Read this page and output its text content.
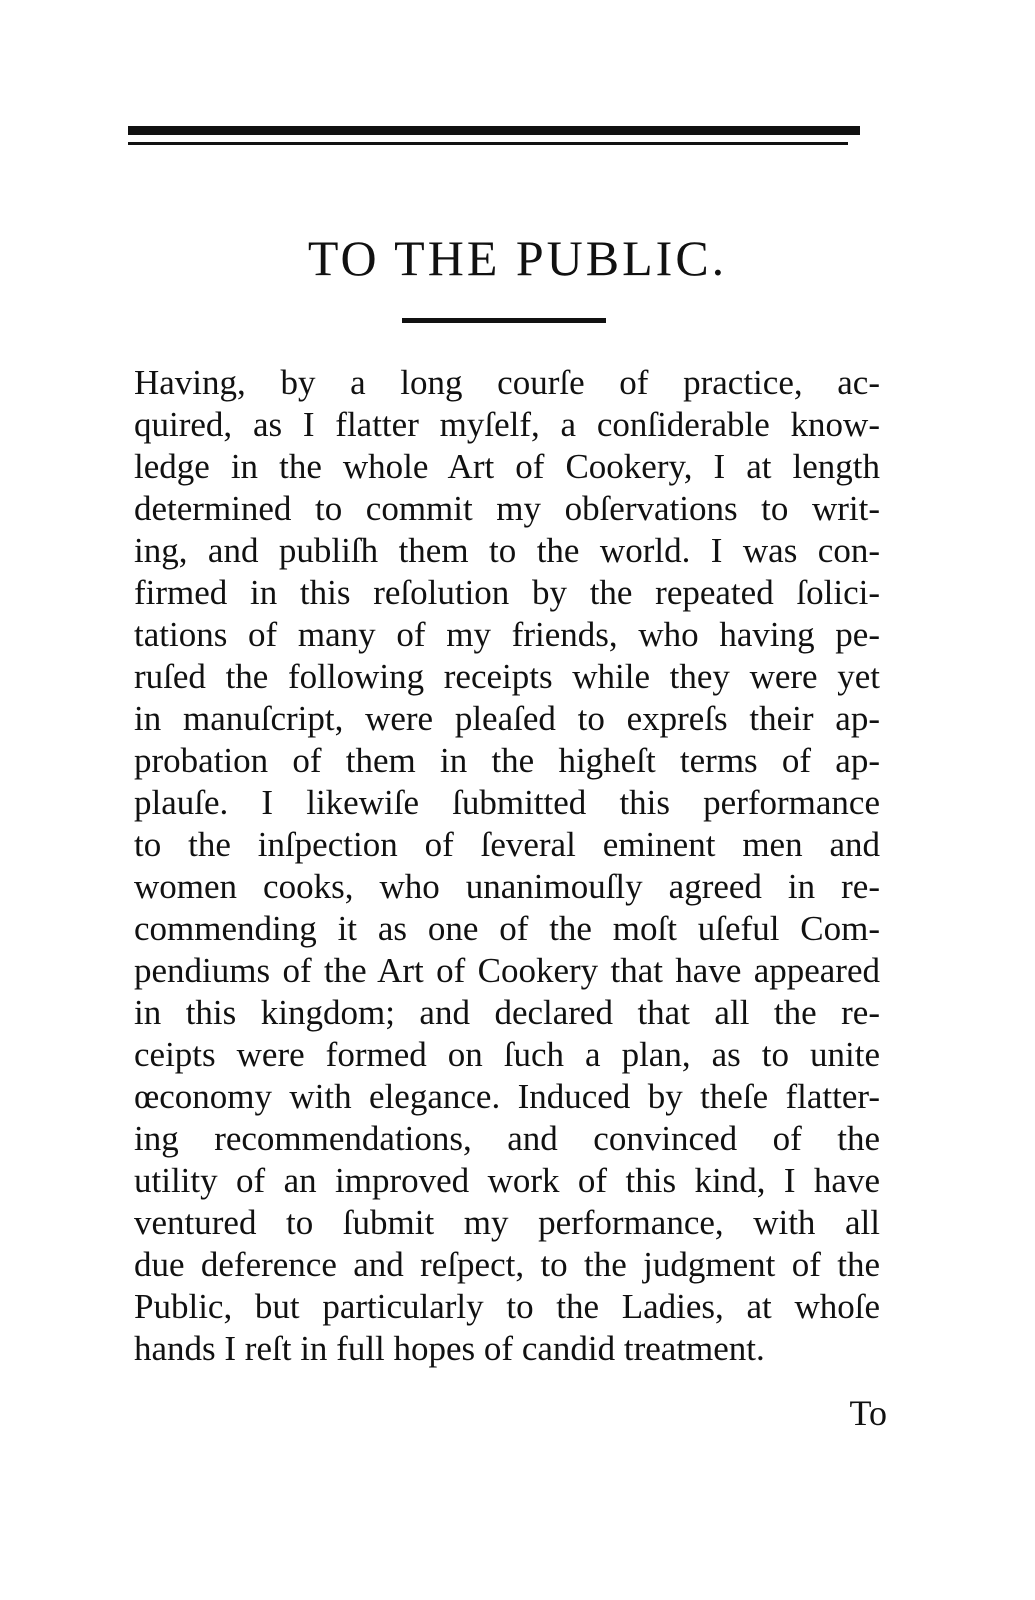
TO THE PUBLIC.
Having, by a long courſe of practice, ac-
quired, as I flatter myſelf, a conſiderable know-
ledge in the whole Art of Cookery, I at length
determined to commit my obſervations to writ-
ing, and publiſh them to the world. I was con-
firmed in this reſolution by the repeated ſolici-
tations of many of my friends, who having pe-
ruſed the following receipts while they were yet
in manuſcript, were pleaſed to expreſs their ap-
probation of them in the higheſt terms of ap-
plauſe. I likewiſe ſubmitted this performance
to the inſpection of ſeveral eminent men and
women cooks, who unanimouſly agreed in re-
commending it as one of the moſt uſeful Com-
pendiums of the Art of Cookery that have appeared
in this kingdom; and declared that all the re-
ceipts were formed on ſuch a plan, as to unite
œconomy with elegance. Induced by theſe flatter-
ing recommendations, and convinced of the
utility of an improved work of this kind, I have
ventured to ſubmit my performance, with all
due deference and reſpect, to the judgment of the
Public, but particularly to the Ladies, at whoſe
hands I reſt in full hopes of candid treatment.
To
